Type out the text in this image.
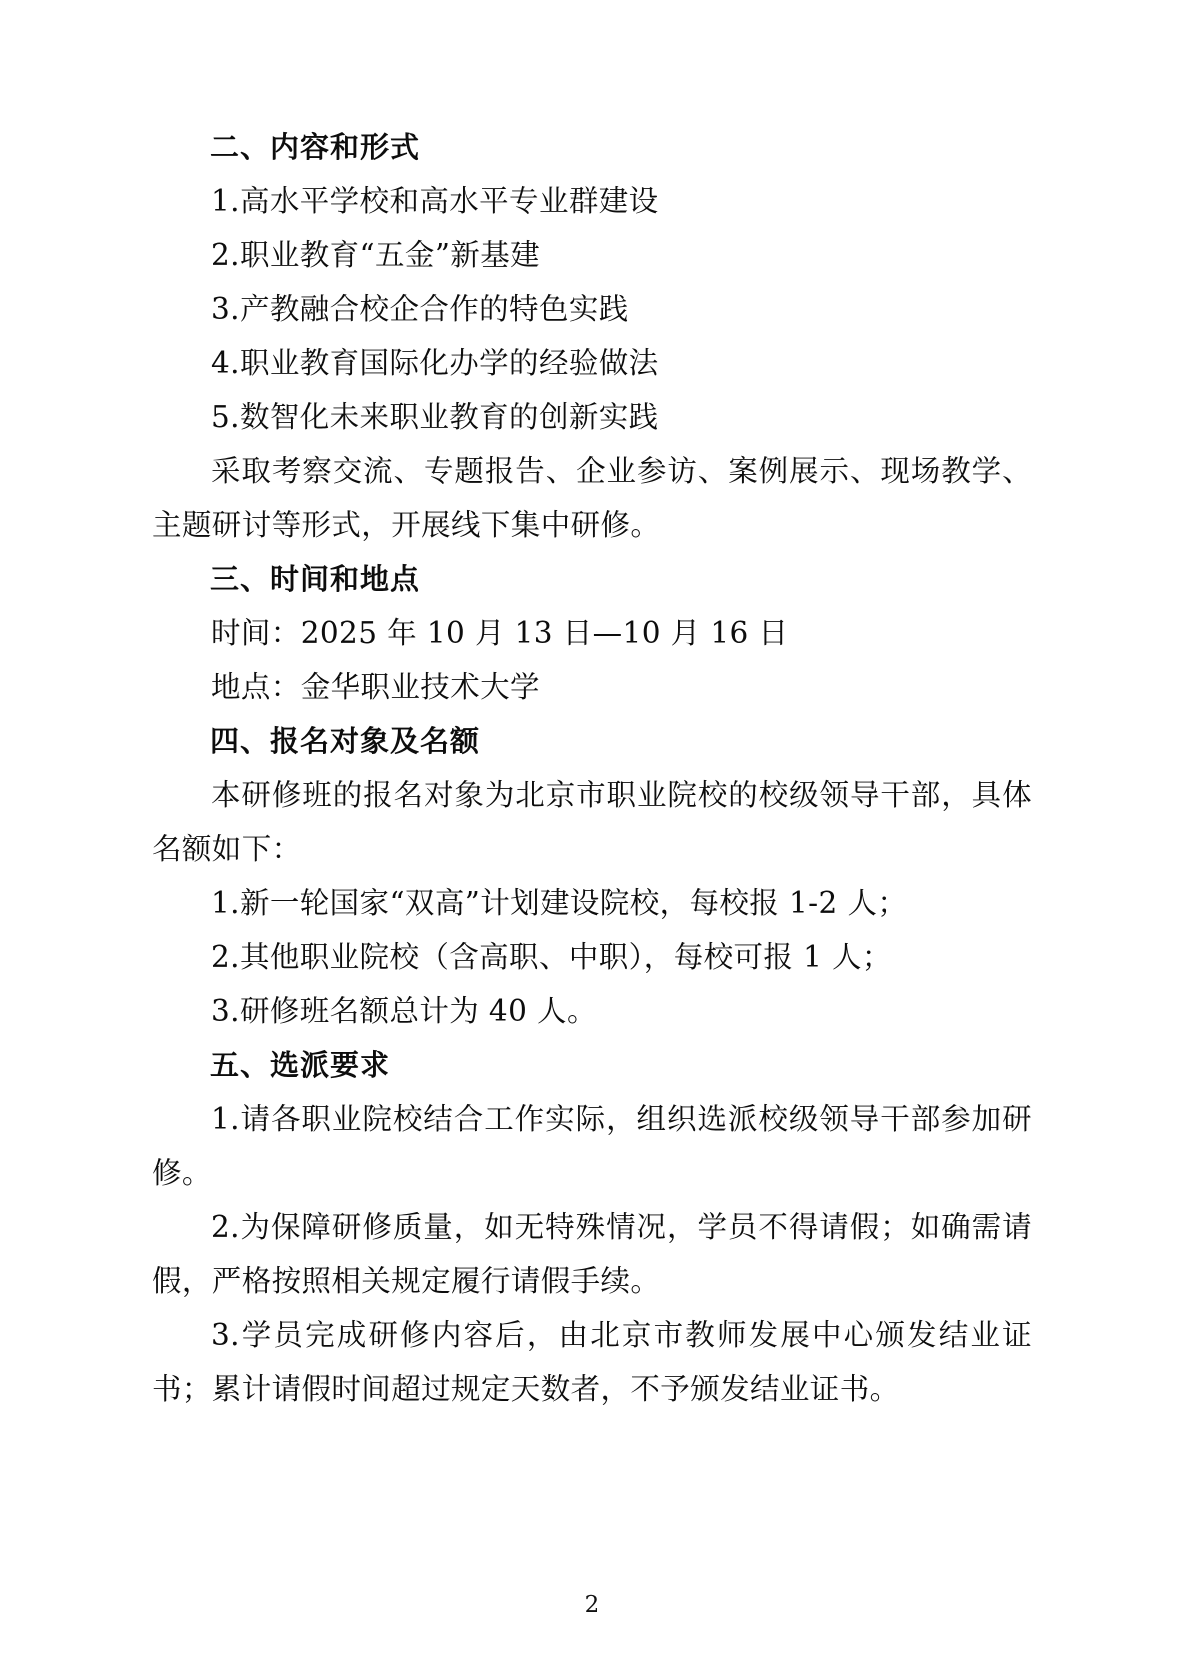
二、内容和形式

1.高水平学校和高水平专业群建设

2.职业教育“五金”新基建

3.产教融合校企合作的特色实践

4.职业教育国际化办学的经验做法

5.数智化未来职业教育的创新实践

采取考察交流、专题报告、企业参访、案例展示、现场教学、主题研讨等形式，开展线下集中研修。

三、时间和地点

时间：2025 年 10 月 13 日—10 月 16 日

地点：金华职业技术大学

四、报名对象及名额

本研修班的报名对象为北京市职业院校的校级领导干部，具体名额如下：

1.新一轮国家“双高”计划建设院校，每校报 1-2 人；

2.其他职业院校（含高职、中职），每校可报 1 人；

3.研修班名额总计为 40 人。

五、选派要求

1.请各职业院校结合工作实际，组织选派校级领导干部参加研修。

2.为保障研修质量，如无特殊情况，学员不得请假；如确需请假，严格按照相关规定履行请假手续。

3.学员完成研修内容后，由北京市教师发展中心颁发结业证书；累计请假时间超过规定天数者，不予颁发结业证书。

2
